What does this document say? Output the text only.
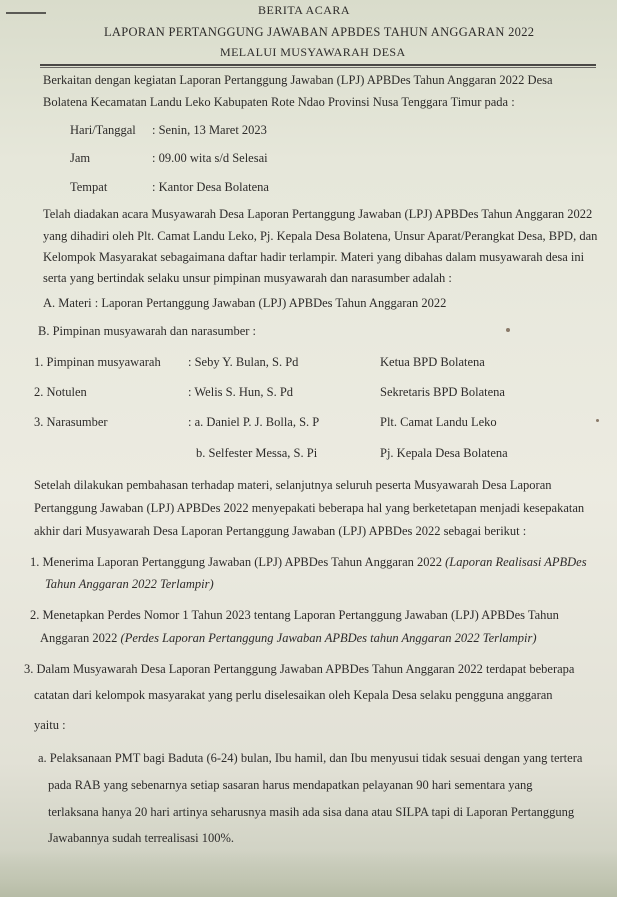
BERITA ACARA
LAPORAN PERTANGGUNG JAWABAN APBDES TAHUN ANGGARAN 2022
MELALUI MUSYAWARAH DESA
Berkaitan dengan kegiatan Laporan Pertanggung Jawaban (LPJ) APBDes Tahun Anggaran 2022 Desa
Bolatena Kecamatan Landu Leko Kabupaten Rote Ndao Provinsi Nusa Tenggara Timur pada :
Hari/Tanggal : Senin, 13 Maret 2023
Jam	: 09.00 wita s/d Selesai
Tempat	: Kantor Desa Bolatena
Telah diadakan acara Musyawarah Desa Laporan Pertanggung Jawaban (LPJ) APBDes Tahun Anggaran 2022
yang dihadiri oleh Plt. Camat Landu Leko, Pj. Kepala Desa Bolatena, Unsur Aparat/Perangkat Desa, BPD, dan
Kelompok Masyarakat sebagaimana daftar hadir terlampir. Materi yang dibahas dalam musyawarah desa ini
serta yang bertindak selaku unsur pimpinan musyawarah dan narasumber adalah :
A. Materi : Laporan Pertanggung Jawaban (LPJ) APBDes Tahun Anggaran 2022
B. Pimpinan musyawarah dan narasumber :
1. Pimpinan musyawarah : Seby Y. Bulan, S. Pd	Ketua BPD Bolatena
2. Notulen	: Welis S. Hun, S. Pd	Sekretaris BPD Bolatena
3. Narasumber	: a. Daniel P. J. Bolla, S. P	Plt. Camat Landu Leko
b. Selfester Messa, S. Pi	Pj. Kepala Desa Bolatena
Setelah dilakukan pembahasan terhadap materi, selanjutnya seluruh peserta Musyawarah Desa Laporan
Pertanggung Jawaban (LPJ) APBDes 2022 menyepakati beberapa hal yang berketetapan menjadi kesepakatan
akhir dari Musyawarah Desa Laporan Pertanggung Jawaban (LPJ) APBDes 2022 sebagai berikut :
1. Menerima Laporan Pertanggung Jawaban (LPJ) APBDes Tahun Anggaran 2022 (Laporan Realisasi APBDes
Tahun Anggaran 2022 Terlampir)
2. Menetapkan Perdes Nomor 1 Tahun 2023 tentang Laporan Pertanggung Jawaban (LPJ) APBDes Tahun
Anggaran 2022 (Perdes Laporan Pertanggung Jawaban APBDes tahun Anggaran 2022 Terlampir)
3. Dalam Musyawarah Desa Laporan Pertanggung Jawaban APBDes Tahun Anggaran 2022 terdapat beberapa
catatan dari kelompok masyarakat yang perlu diselesaikan oleh Kepala Desa selaku pengguna anggaran
yaitu :
a. Pelaksanaan PMT bagi Baduta (6-24) bulan, Ibu hamil, dan Ibu menyusui tidak sesuai dengan yang tertera
pada RAB yang sebenarnya setiap sasaran harus mendapatkan pelayanan 90 hari sementara yang
terlaksana hanya 20 hari artinya seharusnya masih ada sisa dana atau SILPA tapi di Laporan Pertanggung
Jawabannya sudah terrealisasi 100%.
